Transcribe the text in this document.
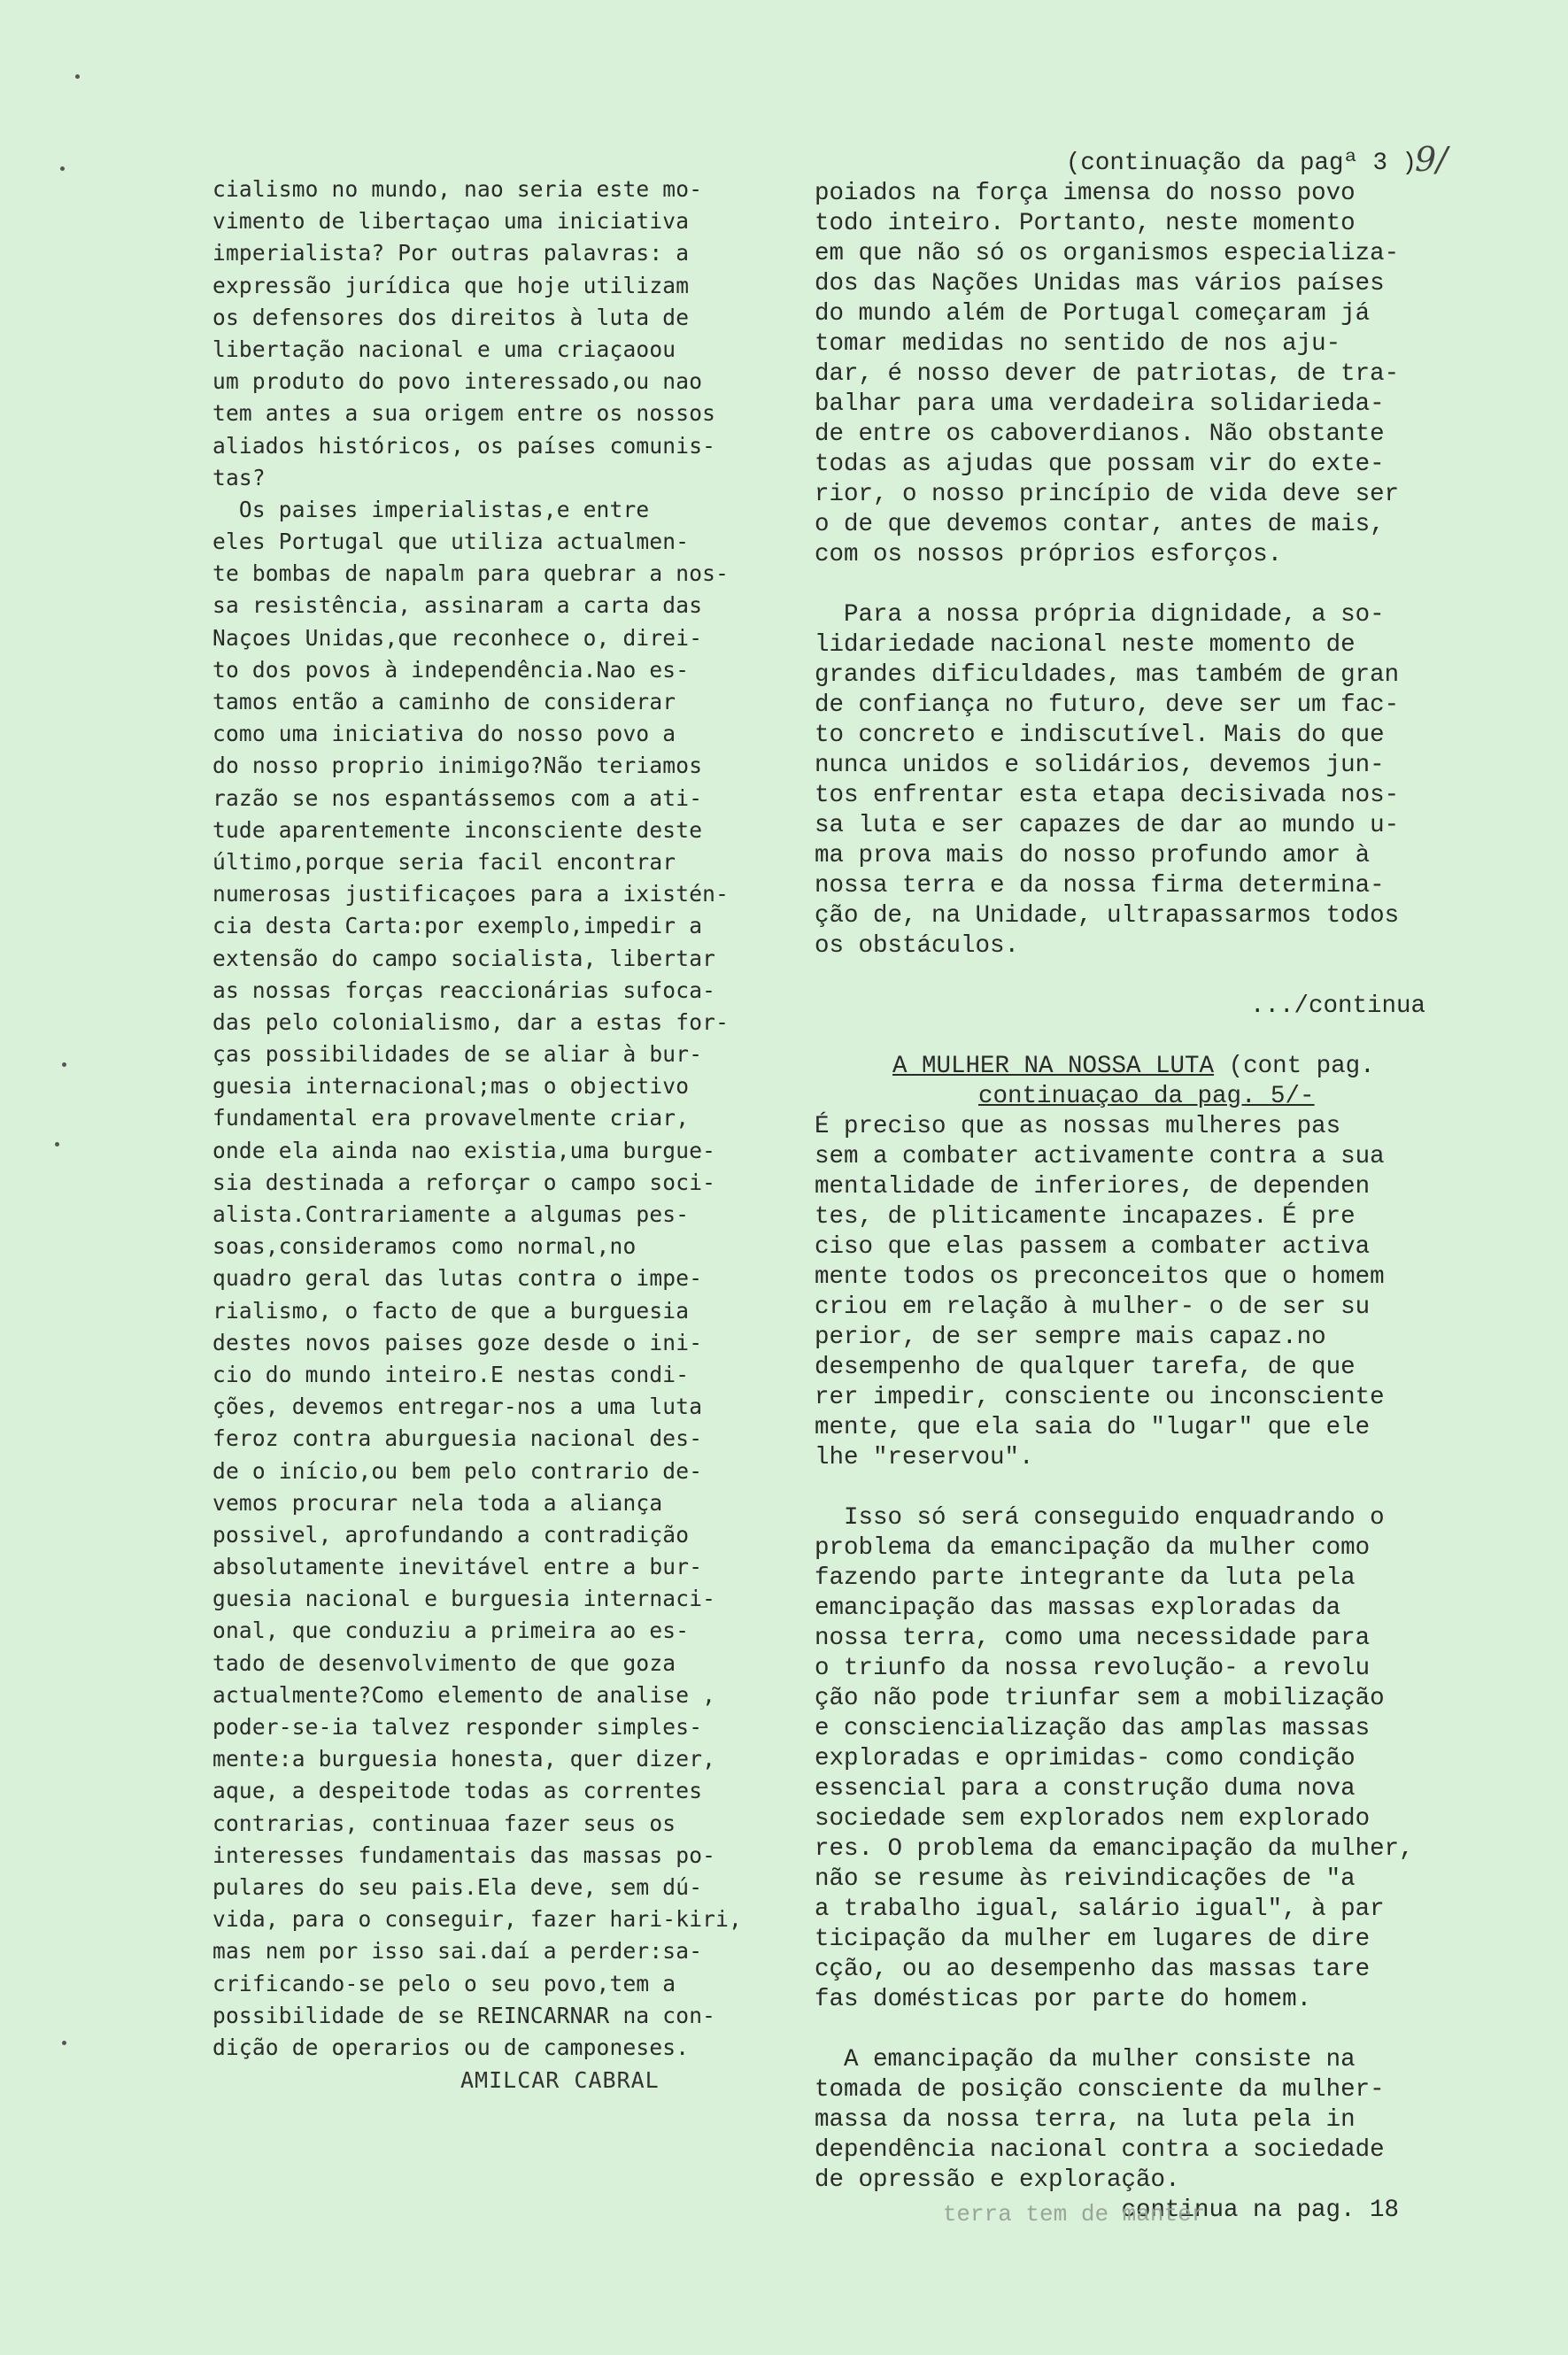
9/
cialismo no mundo, nao seria este mo-
vimento de libertaçao uma iniciativa
imperialista? Por outras palavras: a
expressão jurídica que hoje utilizam
os defensores dos direitos à luta de
libertação nacional e uma criaçaoou
um produto do povo interessado,ou nao
tem antes a sua origem entre os nossos
aliados históricos, os países comunis-
tas?
Os paises imperialistas,e entre
eles Portugal que utiliza actualmen-
te bombas de napalm para quebrar a nos-
sa resistência, assinaram a carta das
Naçoes Unidas,que reconhece o, direi-
to dos povos à independência.Nao es-
tamos então a caminho de considerar
como uma iniciativa do nosso povo a
do nosso proprio inimigo?Não teriamos
razão se nos espantássemos com a ati-
tude aparentemente inconsciente deste
último,porque seria facil encontrar
numerosas justificaçoes para a ixistén-
cia desta Carta:por exemplo,impedir a
extensão do campo socialista, libertar
as nossas forças reaccionárias sufoca-
das pelo colonialismo, dar a estas for-
ças possibilidades de se aliar à bur-
guesia internacional;mas o objectivo
fundamental era provavelmente criar,
onde ela ainda nao existia,uma burgue-
sia destinada a reforçar o campo soci-
alista.Contrariamente a algumas pes-
soas,consideramos como normal,no
quadro geral das lutas contra o impe-
rialismo, o facto de que a burguesia
destes novos paises goze desde o ini-
cio do mundo inteiro.E nestas condi-
ções, devemos entregar-nos a uma luta
feroz contra aburguesia nacional des-
de o início,ou bem pelo contrario de-
vemos procurar nela toda a aliança
possivel, aprofundando a contradição
absolutamente inevitável entre a bur-
guesia nacional e burguesia internaci-
onal, que conduziu a primeira ao es-
tado de desenvolvimento de que goza
actualmente?Como elemento de analise ,
poder-se-ia talvez responder simples-
mente:a burguesia honesta, quer dizer,
aque, a despeitode todas as correntes
contrarias, continuaa fazer seus os
interesses fundamentais das massas po-
pulares do seu pais.Ela deve, sem dú-
vida, para o conseguir, fazer hari-kiri,
mas nem por isso sai.daí a perder:sa-
crificando-se pelo o seu povo,tem a
possibilidade de se REINCARNAR na con-
dição de operarios ou de camponeses.
AMILCAR CABRAL
(continuação da pagª 3 )
poiados na força imensa do nosso povo
todo inteiro. Portanto, neste momento
em que não só os organismos especializa-
dos das Nações Unidas mas vários países
do mundo além de Portugal começaram já
tomar medidas no sentido de nos aju-
dar, é nosso dever de patriotas, de tra-
balhar para uma verdadeira solidarieda-
de entre os caboverdianos. Não obstante
todas as ajudas que possam vir do exte-
rior, o nosso princípio de vida deve ser
o de que devemos contar, antes de mais,
com os nossos próprios esforços.
Para a nossa própria dignidade, a so-
lidariedade nacional neste momento de
grandes dificuldades, mas também de gran
de confiança no futuro, deve ser um fac-
to concreto e indiscutível. Mais do que
nunca unidos e solidários, devemos jun-
tos enfrentar esta etapa decisivada nos-
sa luta e ser capazes de dar ao mundo u-
ma prova mais do nosso profundo amor à
nossa terra e da nossa firma determina-
ção de, na Unidade, ultrapassarmos todos
os obstáculos.
.../continua
A MULHER NA NOSSA LUTA (cont pag.
continuaçao da pag. 5/-
É preciso que as nossas mulheres pas
sem a combater activamente contra a sua
mentalidade de inferiores, de dependen
tes, de pliticamente incapazes. É pre
ciso que elas passem a combater activa
mente todos os preconceitos que o homem
criou em relação à mulher- o de ser su
perior, de ser sempre mais capaz.no
desempenho de qualquer tarefa, de que
rer impedir, consciente ou inconsciente
mente, que ela saia do "lugar" que ele
lhe "reservou".
Isso só será conseguido enquadrando o
problema da emancipação da mulher como
fazendo parte integrante da luta pela
emancipação das massas exploradas da
nossa terra, como uma necessidade para
o triunfo da nossa revolução- a revolu
ção não pode triunfar sem a mobilização
e consciencialização das amplas massas
exploradas e oprimidas- como condição
essencial para a construção duma nova
sociedade sem explorados nem explorado
res. O problema da emancipação da mulher,
não se resume às reivindicações de "a
a trabalho igual, salário igual", à par
ticipação da mulher em lugares de dire
cção, ou ao desempenho das massas tare
fas domésticas por parte do homem.
A emancipação da mulher consiste na
tomada de posição consciente da mulher-
massa da nossa terra, na luta pela in
dependência nacional contra a sociedade
de opressão e exploração.
continua na pag. 18
terra tem de manter
